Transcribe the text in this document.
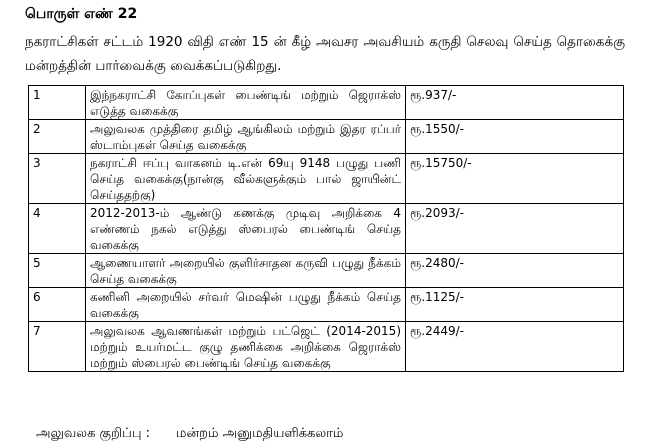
பொருள் எண் 22
நகராட்சிகள் சட்டம் 1920 விதி எண் 15 ன் கீழ் அவசர அவசியம் கருதி செலவு செய்த தொகைக்கு மன்றத்தின் பார்வைக்கு வைக்கப்படுகிறது.
1	இந்நகராட்சி கோப்புகள் பைண்டிங் மற்றும் ஜெராக்ஸ் எடுத்த வகைக்கு	ரூ.937/-
2	அலுவலக முத்திரை தமிழ் ஆங்கிலம் மற்றும் இதர ரப்பர் ஸ்டாம்புகள் செய்த வகைக்கு	ரூ.1550/-
3	நகராட்சி ஈப்பு வாகனம் டி.என் 69யு 9148 பழுது பணி செய்த வகைக்கு(நான்கு வீல்களுக்கும் பால் ஜாயின்ட் செய்ததற்கு)	ரூ.15750/-
4	2012-2013-ம் ஆண்டு கணக்கு முடிவு அறிக்கை 4 எண்ணம் நகல் எடுத்து ஸ்பைரல் பைண்டிங் செய்த வகைக்கு	ரூ.2093/-
5	ஆணையாளர் அறையில் குளிர்சாதன கருவி பழுது நீக்கம் செய்த வகைக்கு	ரூ.2480/-
6	கணினி அறையில் சர்வர் மெஷின் பழுது நீக்கம் செய்த வகைக்கு	ரூ.1125/-
7	அலுவலக ஆவணங்கள் மற்றும் பட்ஜெட் (2014-2015) மற்றும் உயர்மட்ட குழு தணிக்கை அறிக்கை ஜெராக்ஸ் மற்றும் ஸ்பைரல் பைண்டிங் செய்த வகைக்கு	ரூ.2449/-
அலுவலக குறிப்பு : மன்றம் அனுமதியளிக்கலாம்
